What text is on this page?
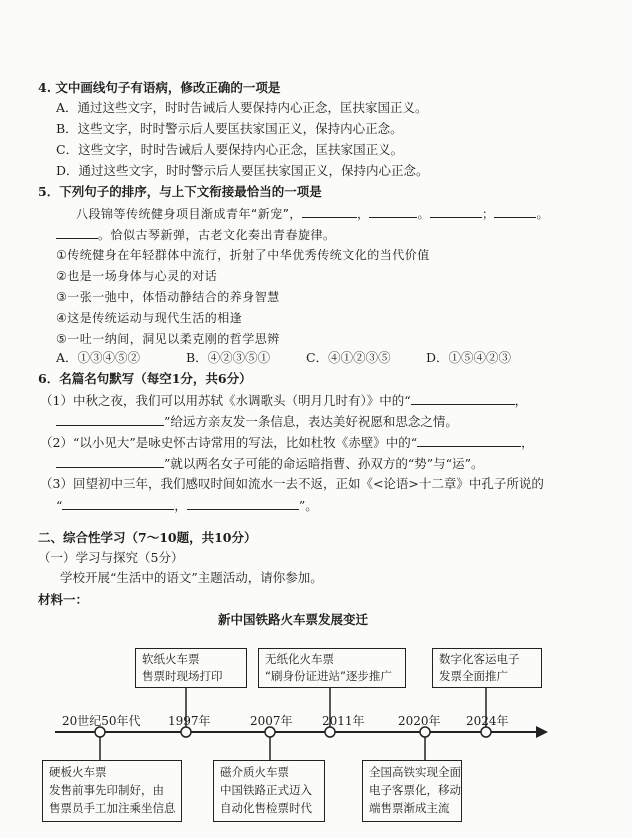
4. 文中画线句子有语病，修改正确的一项是
A．通过这些文字，时时告诫后人要保持内心正念，匡扶家国正义。
B．这些文字，时时警示后人要匡扶家国正义，保持内心正念。
C．这些文字，时时告诫后人要保持内心正念，匡扶家国正义。
D．通过这些文字，时时警示后人要匡扶家国正义，保持内心正念。
5．下列句子的排序，与上下文衔接最恰当的一项是
八段锦等传统健身项目渐成青年“新宠”，	，	。	；	。
。恰似古琴新弹，古老文化奏出青春旋律。
①传统健身在年轻群体中流行，折射了中华优秀传统文化的当代价值
②也是一场身体与心灵的对话
③一张一弛中，体悟动静结合的养身智慧
④这是传统运动与现代生活的相逢
⑤一吐一纳间，洞见以柔克刚的哲学思辨
A．①③④⑤②	B．④②③⑤①	C．④①②③⑤	D．①⑤④②③
6．名篇名句默写（每空1分，共6分）
（1）中秋之夜，我们可以用苏轼《水调歌头（明月几时有）》中的“	，
”给远方亲友发一条信息，表达美好祝愿和思念之情。
（2）“以小见大”是咏史怀古诗常用的写法，比如杜牧《赤壁》中的“	，
”就以两名女子可能的命运暗指曹、孙双方的“势”与“运”。
（3）回望初中三年，我们感叹时间如流水一去不返，正如《<论语>十二章》中孔子所说的
“	，	”。
二、综合性学习（7～10题，共10分）
（一）学习与探究（5分）
学校开展“生活中的语文”主题活动，请你参加。
材料一：
新中国铁路火车票发展变迁
20世纪50年代 1997年	2007年 2011年	2020年 2024年
软纸火车票
售票时现场打印
无纸化火车票
“刷身份证进站”逐步推广
数字化客运电子
发票全面推广
硬板火车票
发售前事先印制好，由
售票员手工加注乘坐信息
磁介质火车票
中国铁路正式迈入
自动化售检票时代
全国高铁实现全面
电子客票化，移动
端售票渐成主流
